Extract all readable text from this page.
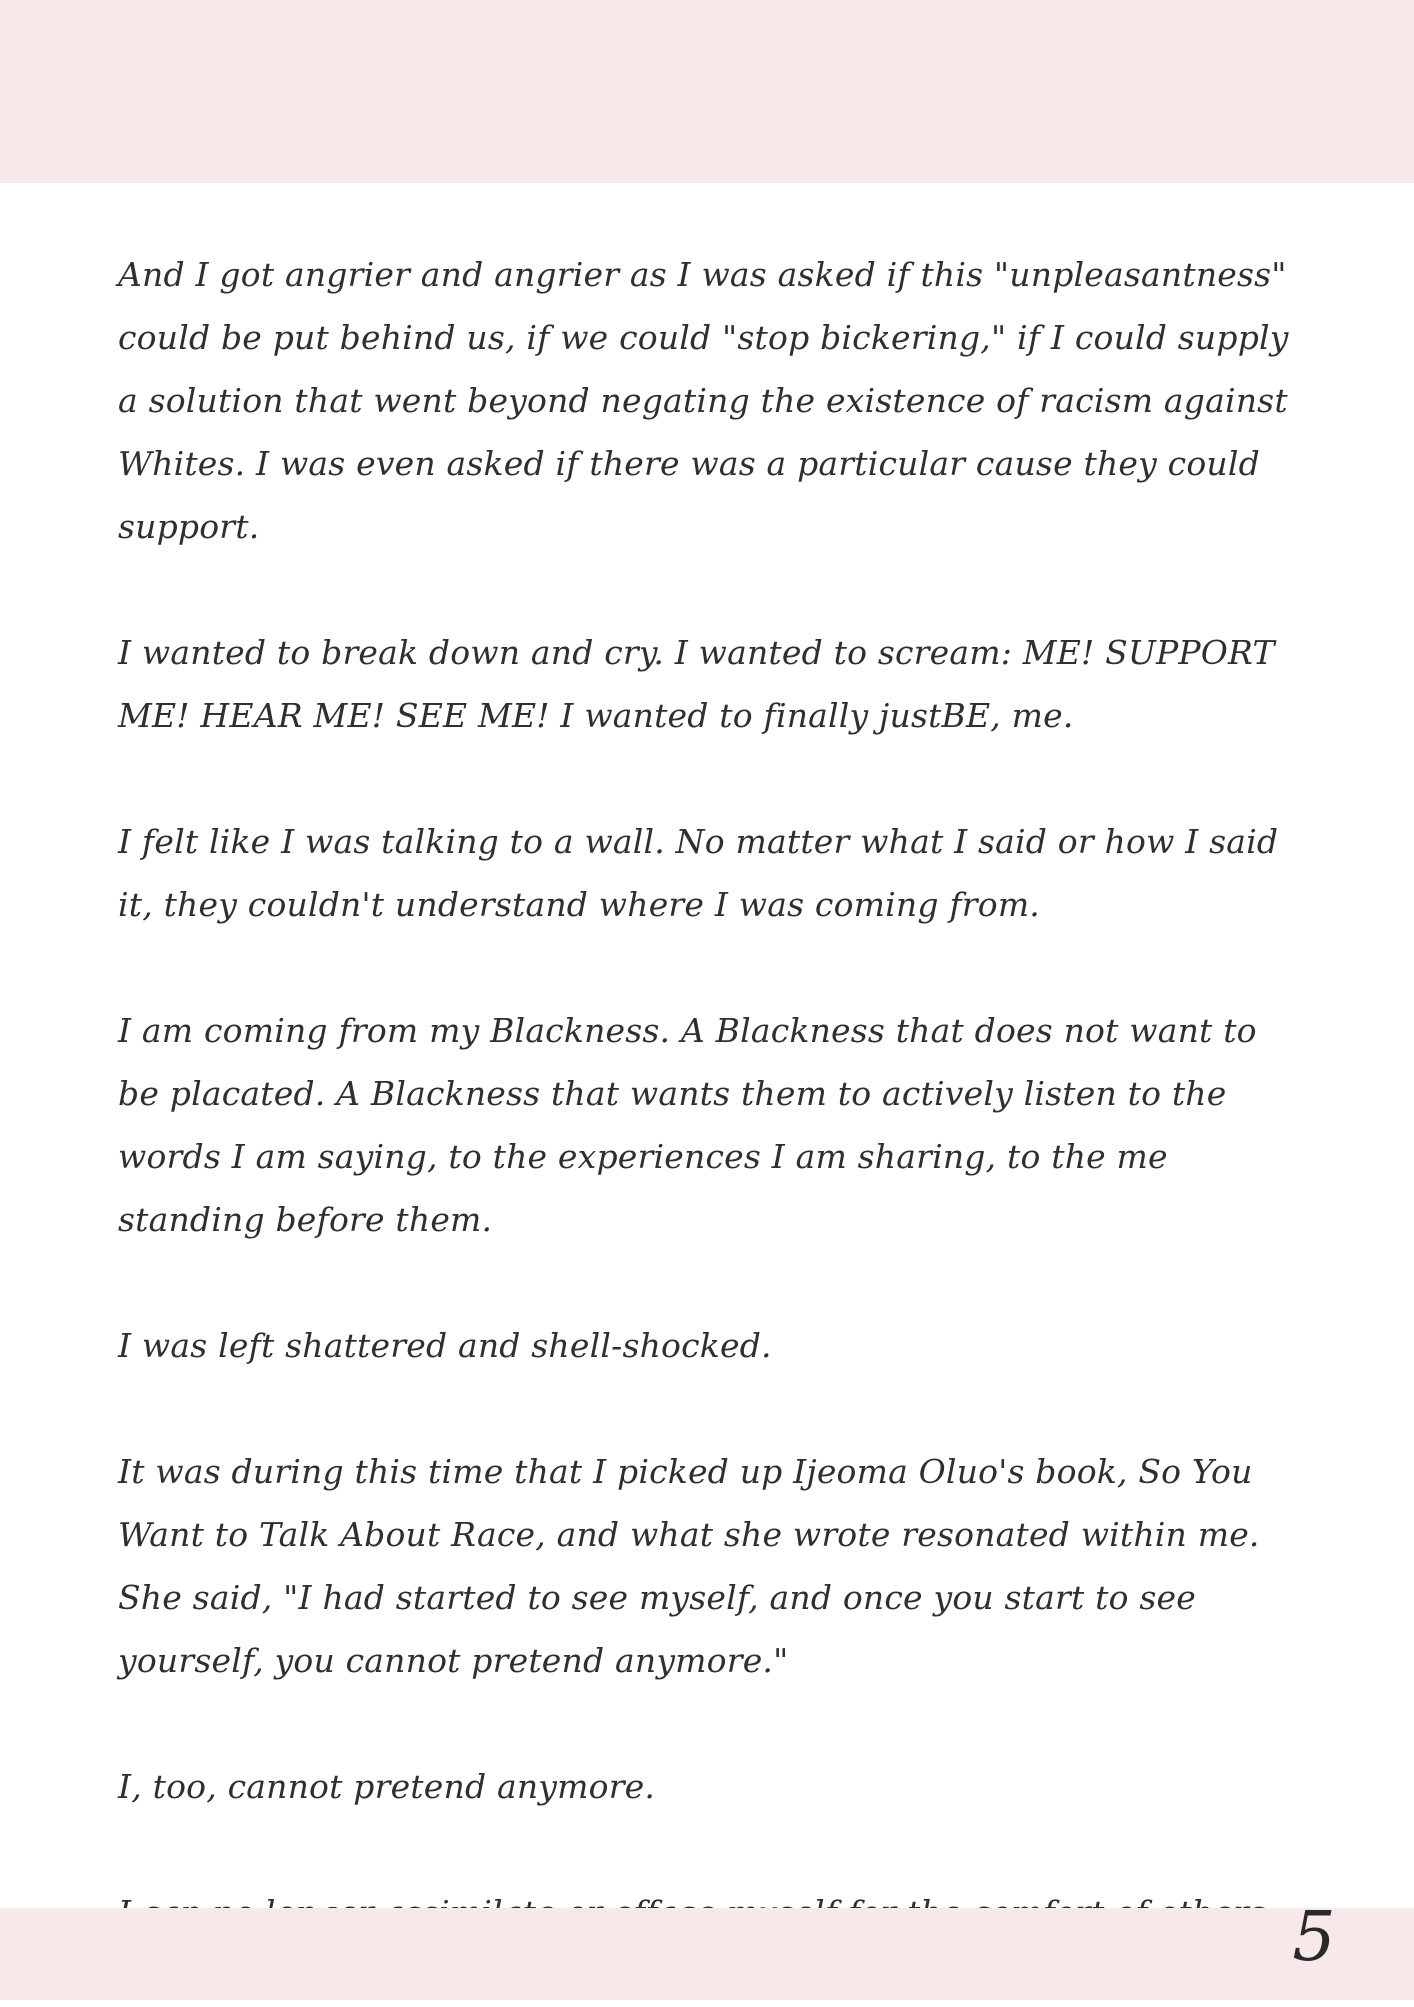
And I got angrier and angrier as I was asked if this "unpleasantness" could be put behind us, if we could "stop bickering," if I could supply a solution that went beyond negating the existence of racism against Whites. I was even asked if there was a particular cause they could support.

I wanted to break down and cry. I wanted to scream: ME! SUPPORT ME! HEAR ME! SEE ME! I wanted to finally justBE, me.

I felt like I was talking to a wall. No matter what I said or how I said it, they couldn't understand where I was coming from.

I am coming from my Blackness. A Blackness that does not want to be placated. A Blackness that wants them to actively listen to the words I am saying, to the experiences I am sharing, to the me standing before them.

I was left shattered and shell-shocked.

It was during this time that I picked up Ijeoma Oluo's book, So You Want to Talk About Race, and what she wrote resonated within me. She said, "I had started to see myself, and once you start to see yourself, you cannot pretend anymore."

I, too, cannot pretend anymore.

5
